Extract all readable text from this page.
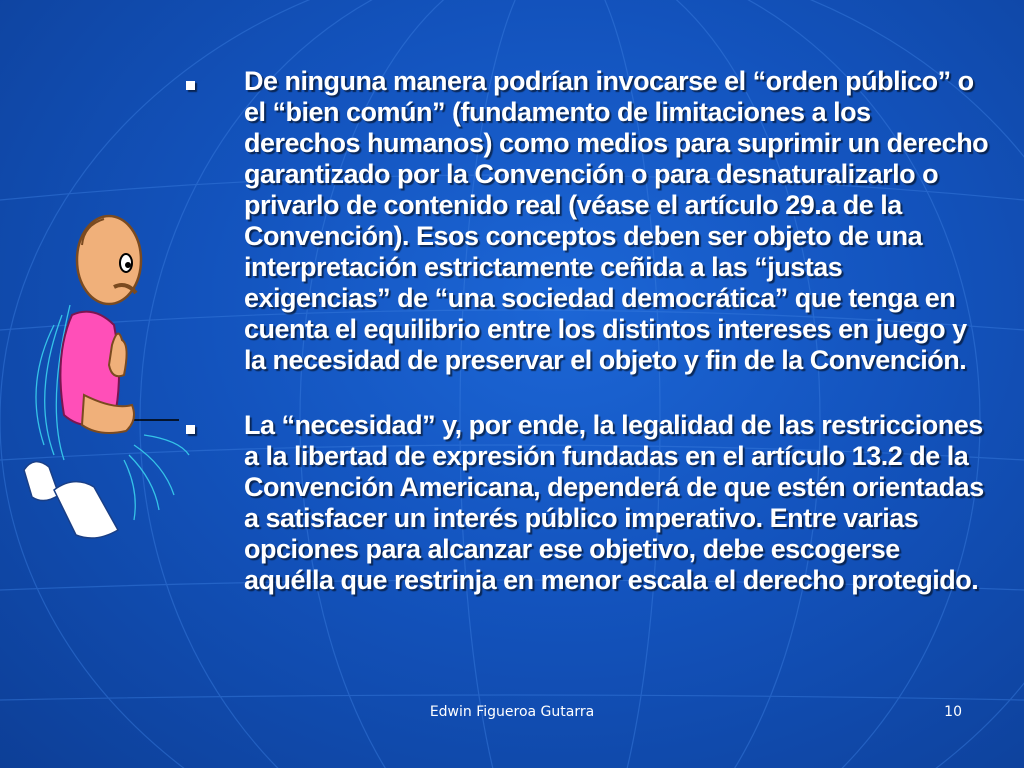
De ninguna manera podrían invocarse el “orden público” o el “bien común” (fundamento de limitaciones a los derechos humanos) como medios para suprimir un derecho garantizado por la Convención o para desnaturalizarlo o privarlo de contenido real (véase el artículo 29.a de la Convención). Esos conceptos deben ser objeto de una interpretación estrictamente ceñida a las “justas exigencias” de “una sociedad democrática” que tenga en cuenta el equilibrio entre los distintos intereses en juego y la necesidad de preservar el objeto y fin de la Convención.
La “necesidad” y, por ende, la legalidad de las restricciones a la libertad de expresión fundadas en el artículo 13.2 de la Convención Americana, dependerá de que estén orientadas a satisfacer un interés público imperativo. Entre varias opciones para alcanzar ese objetivo, debe escogerse aquélla que restrinja en menor escala el derecho protegido.
Edwin Figueroa Gutarra	10
